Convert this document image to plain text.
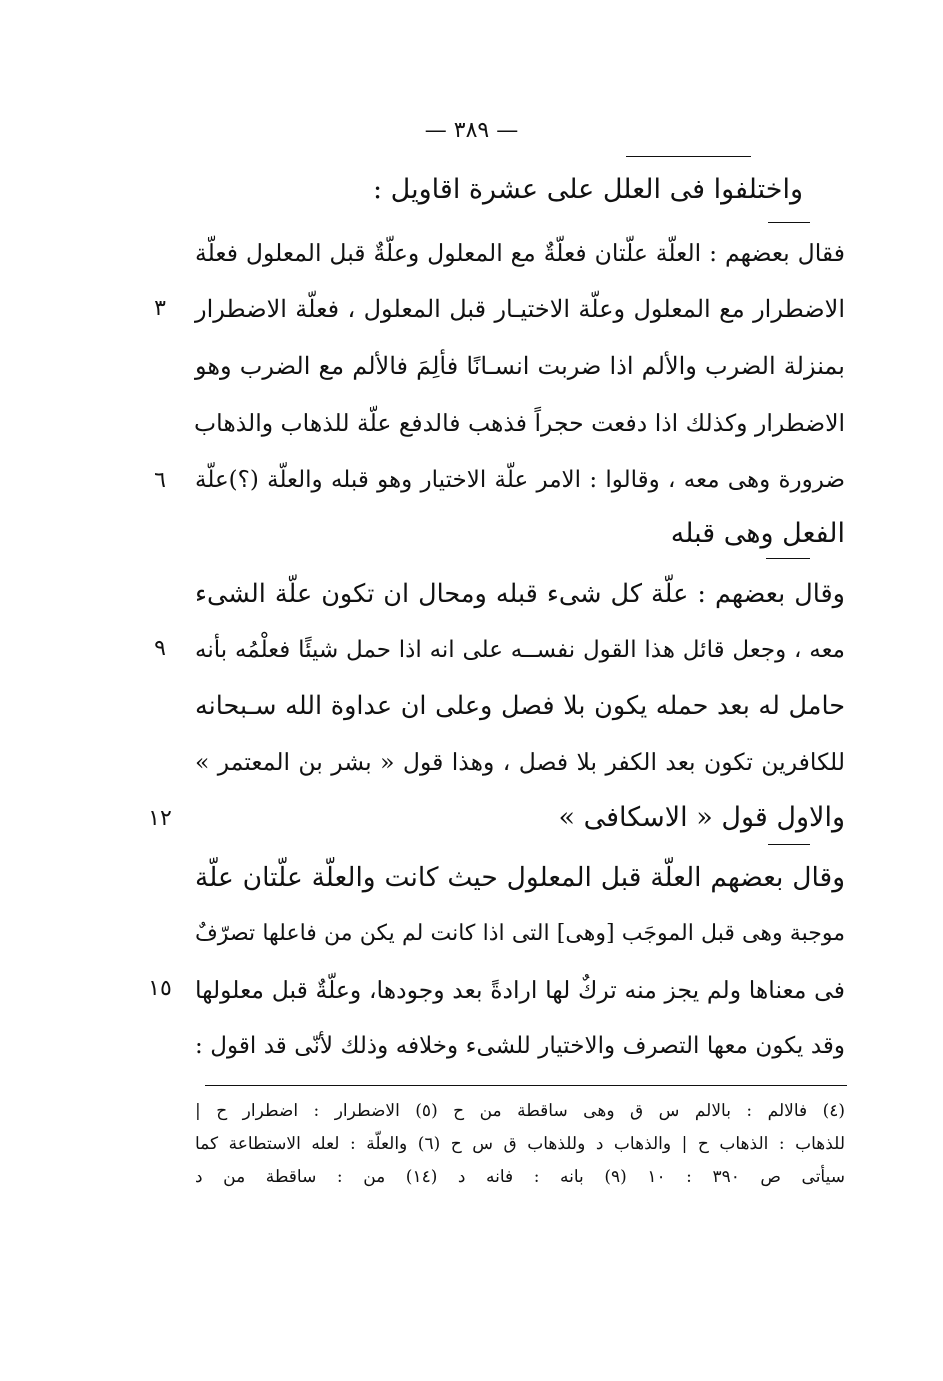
— ٣٨٩ —
واختلفوا فى العلل على عشرة اقاويل :
فقال بعضهم : العلّة علّتان فعلّةٌ مع المعلول وعلّةٌ قبل المعلول فعلّة
الاضطرار مع المعلول وعلّة الاختيـار قبل المعلول ، فعلّة الاضطرار
بمنزلة الضرب والألم اذا ضربت انسـانًا فألِمَ فالألم مع الضرب وهو
الاضطرار وكذلك اذا دفعت حجراً فذهب فالدفع علّة للذهاب والذهاب
ضرورة وهى معه ، وقالوا : الامر علّة الاختيار وهو قبله والعلّة (؟)علّة
الفعل وهى قبله
وقال بعضهم : علّة كل شىء قبله ومحال ان تكون علّة الشىء
معه ، وجعل قائل هذا القول نفســه على انه اذا حمل شيئًا فعلْمُه بأنه
حامل له بعد حمله يكون بلا فصل وعلى ان عداوة الله سـبحانه
للكافرين تكون بعد الكفر بلا فصل ، وهذا قول « بشر بن المعتمر »
والاول قول « الاسكافى »
وقال بعضهم العلّة قبل المعلول حيث كانت والعلّة علّتان علّة
موجبة وهى قبل الموجَب [وهى] التى اذا كانت لم يكن من فاعلها تصرّفٌ
فى معناها ولم يجز منه تركٌ لها ارادةً بعد وجودها، وعلّةٌ قبل معلولها
وقد يكون معها التصرف والاختيار للشىء وخلافه وذلك لأنّى قد اقول :
٣
٦
٩
١٢
١٥
(٤) فالالم : بالالم س ق وهى ساقطة من ح (٥) الاضطرار : اضطرار ح |
للذهاب : الذهاب ح | والذهاب د وللذهاب ق س ح (٦) والعلّة : لعله الاستطاعة كما
سيأتى ص ٣٩٠ : ١٠ (٩) بانه : فانه د (١٤) من : ساقطة من د
